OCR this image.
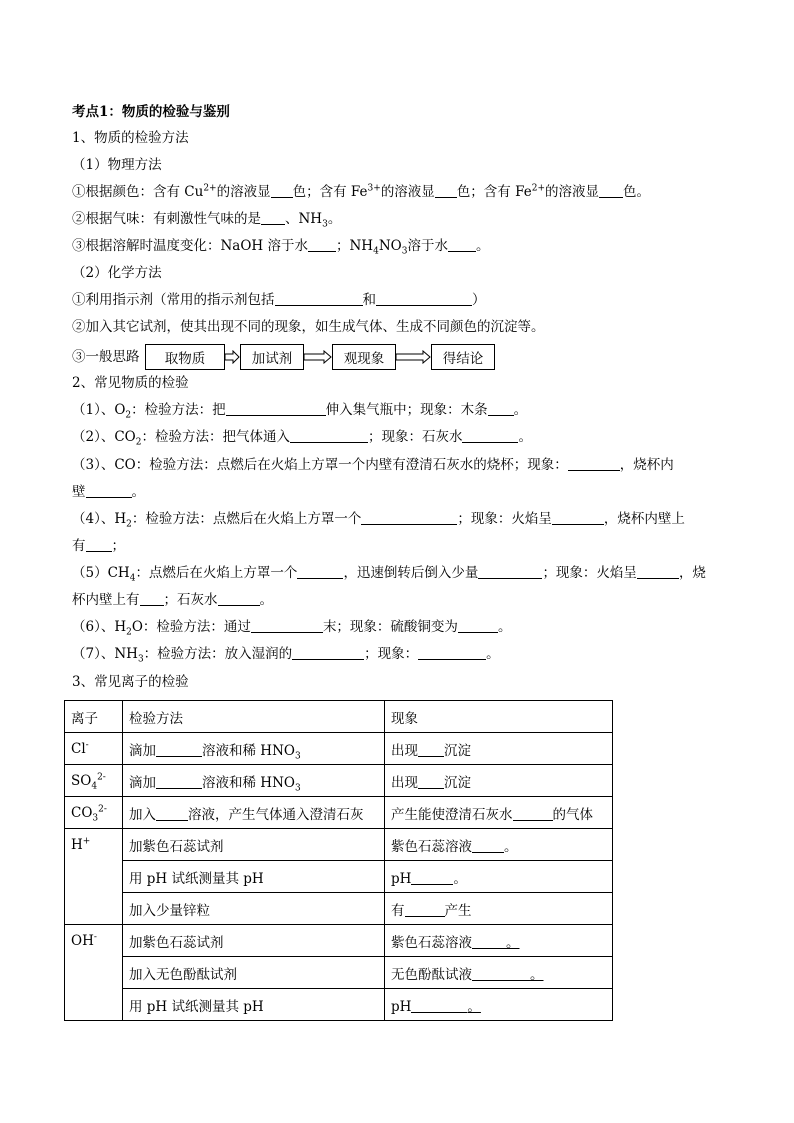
考点1：物质的检验与鉴别
1、物质的检验方法
（1）物理方法
①根据颜色：含有 $Cu^{2+}$的溶液显 色；含有 $Fe^{3+}$的溶液显 色；含有 $Fe^{2+}$的溶液显 色。
②根据气味：有刺激性气味的是 、$NH_3$。
③根据溶解时温度变化：NaOH 溶于水 ；$NH_4NO_3$溶于水 。
（2）化学方法
①利用指示剂（常用的指示剂包括	和	）
②加入其它试剂，使其出现不同的现象，如生成气体、生成不同颜色的沉淀等。
③一般思路	取物质	加试剂	观现象	得结论
2、常见物质的检验
（1）、$O_2$：检验方法：把	伸入集气瓶中；现象：木条 。
（2）、$CO_2$：检验方法：把气体通入	；现象：石灰水	。
（3）、CO：检验方法：点燃后在火焰上方罩一个内壁有澄清石灰水的烧杯；现象：	，烧杯内
壁	。
（4）、$H_2$：检验方法：点燃后在火焰上方罩一个	；现象：火焰呈	，烧杯内壁上
有 ；
$(5)CH_4$：点燃后在火焰上方罩一个	，迅速倒转后倒入少量	；现象：火焰呈	，烧
杯内壁上有 ；石灰水	。
（6）、$H_2O$：检验方法：通过	末；现象：硫酸铜变为	。
（7）、$NH_3$：检验方法：放入湿润的	；现象：	。
3、常见离子的检验
离子	检验方法	现象
Cl-	滴加 溶液和稀 $HNO_3$	出现 沉淀
$SO_4^{2-}$	滴加 溶液和稀 $HNO_3$	出现 沉淀
$CO_3^{2-}$	加入 溶液，产生气体通入澄清石灰	产生能使澄清石灰水 的气体
H+	加紫色石蕊试剂	紫色石蕊溶液 。
	用 pH 试纸测量其 pH	pH 。
	加入少量锌粒	有 产生
OH-	加紫色石蕊试剂	紫色石蕊溶液 。
	加入无色酚酞试剂	无色酚酞试液 。
	用 pH 试纸测量其 pH	pH 。
